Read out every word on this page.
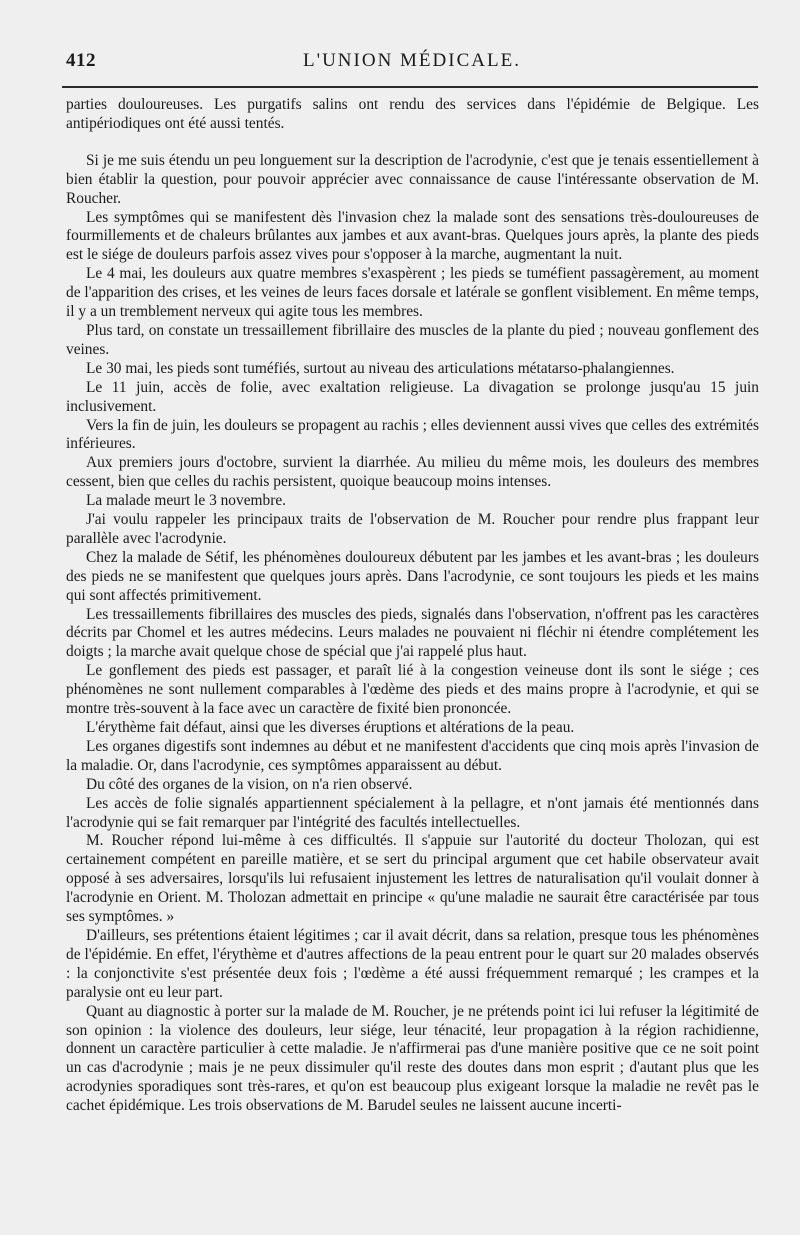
412	L'UNION MÉDICALE.

parties douloureuses. Les purgatifs salins ont rendu des services dans l'épidémie de Belgique. Les antipériodiques ont été aussi tentés.

Si je me suis étendu un peu longuement sur la description de l'acrodynie, c'est que je tenais essentiellement à bien établir la question, pour pouvoir apprécier avec connaissance de cause l'intéressante observation de M. Roucher.

Les symptômes qui se manifestent dès l'invasion chez la malade sont des sensations très-douloureuses de fourmillements et de chaleurs brûlantes aux jambes et aux avant-bras. Quelques jours après, la plante des pieds est le siége de douleurs parfois assez vives pour s'opposer à la marche, augmentant la nuit.

Le 4 mai, les douleurs aux quatre membres s'exaspèrent ; les pieds se tuméfient passagèrement, au moment de l'apparition des crises, et les veines de leurs faces dorsale et latérale se gonflent visiblement. En même temps, il y a un tremblement nerveux qui agite tous les membres.

Plus tard, on constate un tressaillement fibrillaire des muscles de la plante du pied ; nouveau gonflement des veines.

Le 30 mai, les pieds sont tuméfiés, surtout au niveau des articulations métatarso-phalangiennes.

Le 11 juin, accès de folie, avec exaltation religieuse. La divagation se prolonge jusqu'au 15 juin inclusivement.

Vers la fin de juin, les douleurs se propagent au rachis ; elles deviennent aussi vives que celles des extrémités inférieures.

Aux premiers jours d'octobre, survient la diarrhée. Au milieu du même mois, les douleurs des membres cessent, bien que celles du rachis persistent, quoique beaucoup moins intenses.

La malade meurt le 3 novembre.

J'ai voulu rappeler les principaux traits de l'observation de M. Roucher pour rendre plus frappant leur parallèle avec l'acrodynie.

Chez la malade de Sétif, les phénomènes douloureux débutent par les jambes et les avant-bras ; les douleurs des pieds ne se manifestent que quelques jours après. Dans l'acrodynie, ce sont toujours les pieds et les mains qui sont affectés primitivement.

Les tressaillements fibrillaires des muscles des pieds, signalés dans l'observation, n'offrent pas les caractères décrits par Chomel et les autres médecins. Leurs malades ne pouvaient ni fléchir ni étendre complétement les doigts ; la marche avait quelque chose de spécial que j'ai rappelé plus haut.

Le gonflement des pieds est passager, et paraît lié à la congestion veineuse dont ils sont le siége ; ces phénomènes ne sont nullement comparables à l'œdème des pieds et des mains propre à l'acrodynie, et qui se montre très-souvent à la face avec un caractère de fixité bien prononcée.

L'érythème fait défaut, ainsi que les diverses éruptions et altérations de la peau.

Les organes digestifs sont indemnes au début et ne manifestent d'accidents que cinq mois après l'invasion de la maladie. Or, dans l'acrodynie, ces symptômes apparaissent au début.

Du côté des organes de la vision, on n'a rien observé.

Les accès de folie signalés appartiennent spécialement à la pellagre, et n'ont jamais été mentionnés dans l'acrodynie qui se fait remarquer par l'intégrité des facultés intellectuelles.

M. Roucher répond lui-même à ces difficultés. Il s'appuie sur l'autorité du docteur Tholozan, qui est certainement compétent en pareille matière, et se sert du principal argument que cet habile observateur avait opposé à ses adversaires, lorsqu'ils lui refusaient injustement les lettres de naturalisation qu'il voulait donner à l'acrodynie en Orient. M. Tholozan admettait en principe « qu'une maladie ne saurait être caractérisée par tous ses symptômes. »

D'ailleurs, ses prétentions étaient légitimes ; car il avait décrit, dans sa relation, presque tous les phénomènes de l'épidémie. En effet, l'érythème et d'autres affections de la peau entrent pour le quart sur 20 malades observés : la conjonctivite s'est présentée deux fois ; l'œdème a été aussi fréquemment remarqué ; les crampes et la paralysie ont eu leur part.

Quant au diagnostic à porter sur la malade de M. Roucher, je ne prétends point ici lui refuser la légitimité de son opinion : la violence des douleurs, leur siége, leur ténacité, leur propagation à la région rachidienne, donnent un caractère particulier à cette maladie. Je n'affirmerai pas d'une manière positive que ce ne soit point un cas d'acrodynie ; mais je ne peux dissimuler qu'il reste des doutes dans mon esprit ; d'autant plus que les acrodynies sporadiques sont très-rares, et qu'on est beaucoup plus exigeant lorsque la maladie ne revêt pas le cachet épidémique. Les trois observations de M. Barudel seules ne laissent aucune incerti-
